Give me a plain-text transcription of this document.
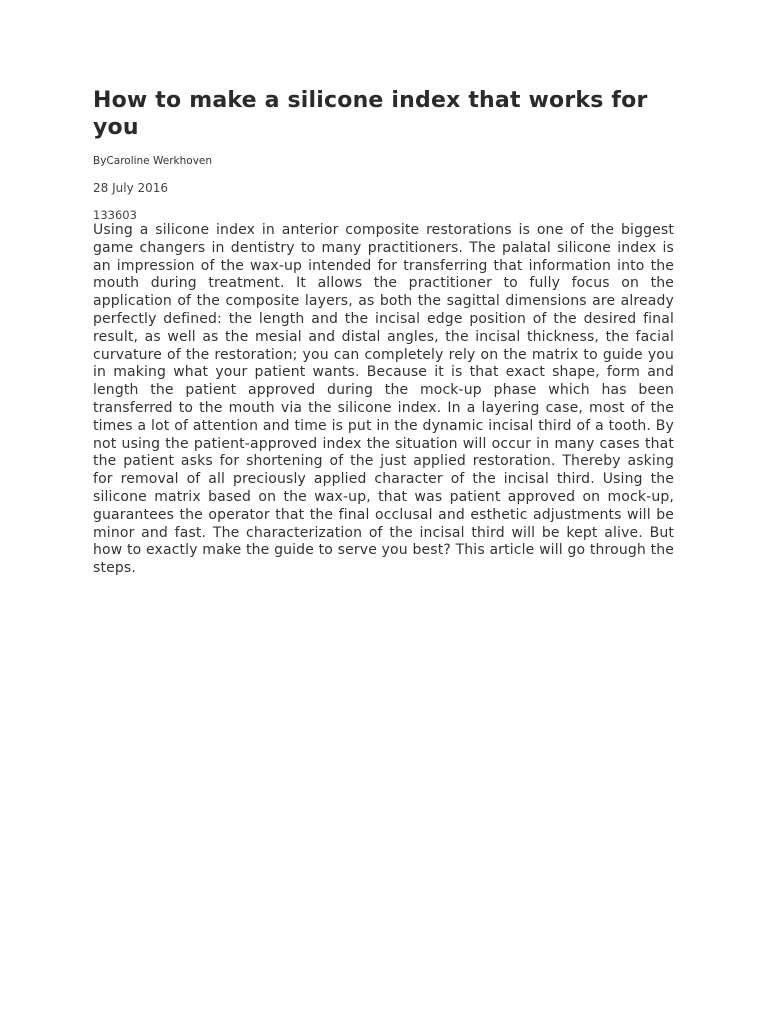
How to make a silicone index that works for you
ByCaroline Werkhoven
28 July 2016
133603

Using a silicone index in anterior composite restorations is one of the biggest game changers in dentistry to many practitioners. The palatal silicone index is an impression of the wax-up intended for transferring that information into the mouth during treatment. It allows the practitioner to fully focus on the application of the composite layers, as both the sagittal dimensions are already perfectly defined: the length and the incisal edge position of the desired final result, as well as the mesial and distal angles, the incisal thickness, the facial curvature of the restoration; you can completely rely on the matrix to guide you in making what your patient wants. Because it is that exact shape, form and length the patient approved during the mock-up phase which has been transferred to the mouth via the silicone index. In a layering case, most of the times a lot of attention and time is put in the dynamic incisal third of a tooth. By not using the patient-approved index the situation will occur in many cases that the patient asks for shortening of the just applied restoration. Thereby asking for removal of all preciously applied character of the incisal third. Using the silicone matrix based on the wax-up, that was patient approved on mock-up, guarantees the operator that the final occlusal and esthetic adjustments will be minor and fast. The characterization of the incisal third will be kept alive. But how to exactly make the guide to serve you best? This article will go through the steps.
